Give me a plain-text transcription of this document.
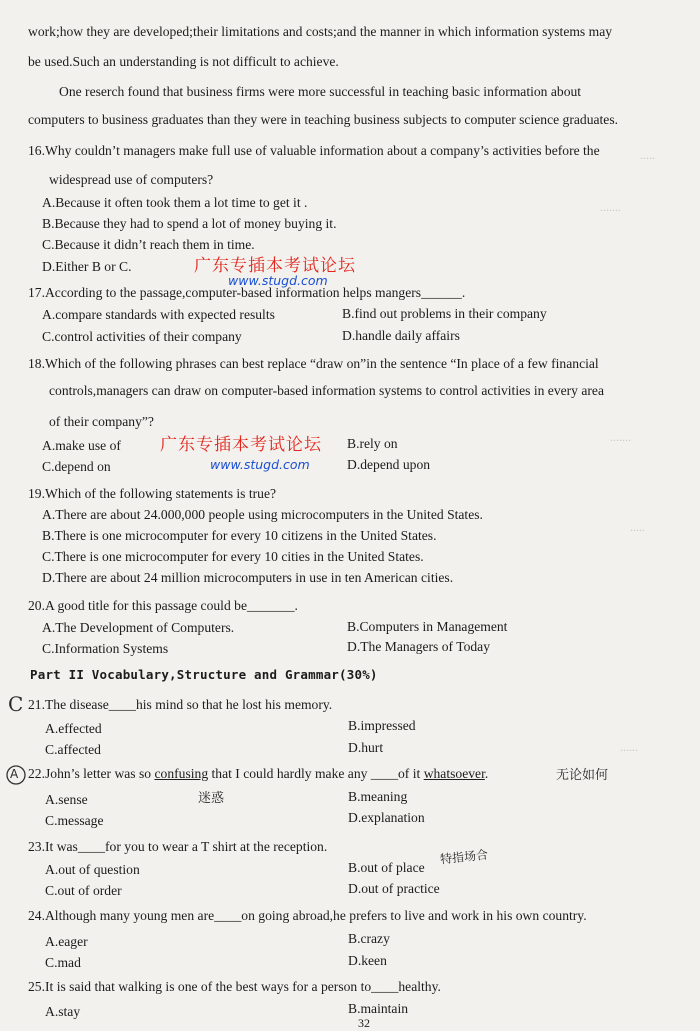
.....
.......
.......
.....
......
work;how they are developed;their limitations and costs;and the manner in which information systems may
be used.Such an understanding is not difficult to achieve.
One reserch found that business firms were more successful in teaching basic information about
computers to business graduates than they were in teaching business subjects to computer science graduates.
16.Why couldn’t managers make full use of valuable information about a company’s activities before the
widespread use of computers?
A.Because it often took them a lot time to get it .
B.Because they had to spend a lot of money buying it.
C.Because it didn’t reach them in time.
D.Either B or C.	广东专插本考试论坛
www.stugd.com
17.According to the passage,computer-based information helps mangers______.
A.compare standards with expected results	B.find out problems in their company
C.control activities of their company	D.handle daily affairs
18.Which of the following phrases can best replace “draw on”in the sentence “In place of a few financial
controls,managers can draw on computer-based information systems to control activities in every area
of their company”?
A.make use of	B.rely on
C.depend on	D.depend upon
广东专插本考试论坛
www.stugd.com
19.Which of the following statements is true?
A.There are about 24.000,000 people using microcomputers in the United States.
B.There is one microcomputer for every 10 citizens in the United States.
C.There is one microcomputer for every 10 cities in the United States.
D.There are about 24 million microcomputers in use in ten American cities.
20.A good title for this passage could be_______.
A.The Development of Computers.	B.Computers in Management
C.Information Systems	D.The Managers of Today
Part II Vocabulary,Structure and Grammar(30%)
C 21.The disease____his mind so that he lost his memory.
A.effected	B.impressed
C.affected	D.hurt
A 22.John’s letter was so confusing that I could hardly make any ____of it whatsoever.	无论如何
迷惑
A.sense	B.meaning
C.message	D.explanation
23.It was____for you to wear a T shirt at the reception.
A.out of question	B.out of place
特指场合
C.out of order	D.out of practice
24.Although many young men are____on going abroad,he prefers to live and work in his own country.
A.eager	B.crazy
C.mad	D.keen
25.It is said that walking is one of the best ways for a person to____healthy.
A.stay	B.maintain
32
